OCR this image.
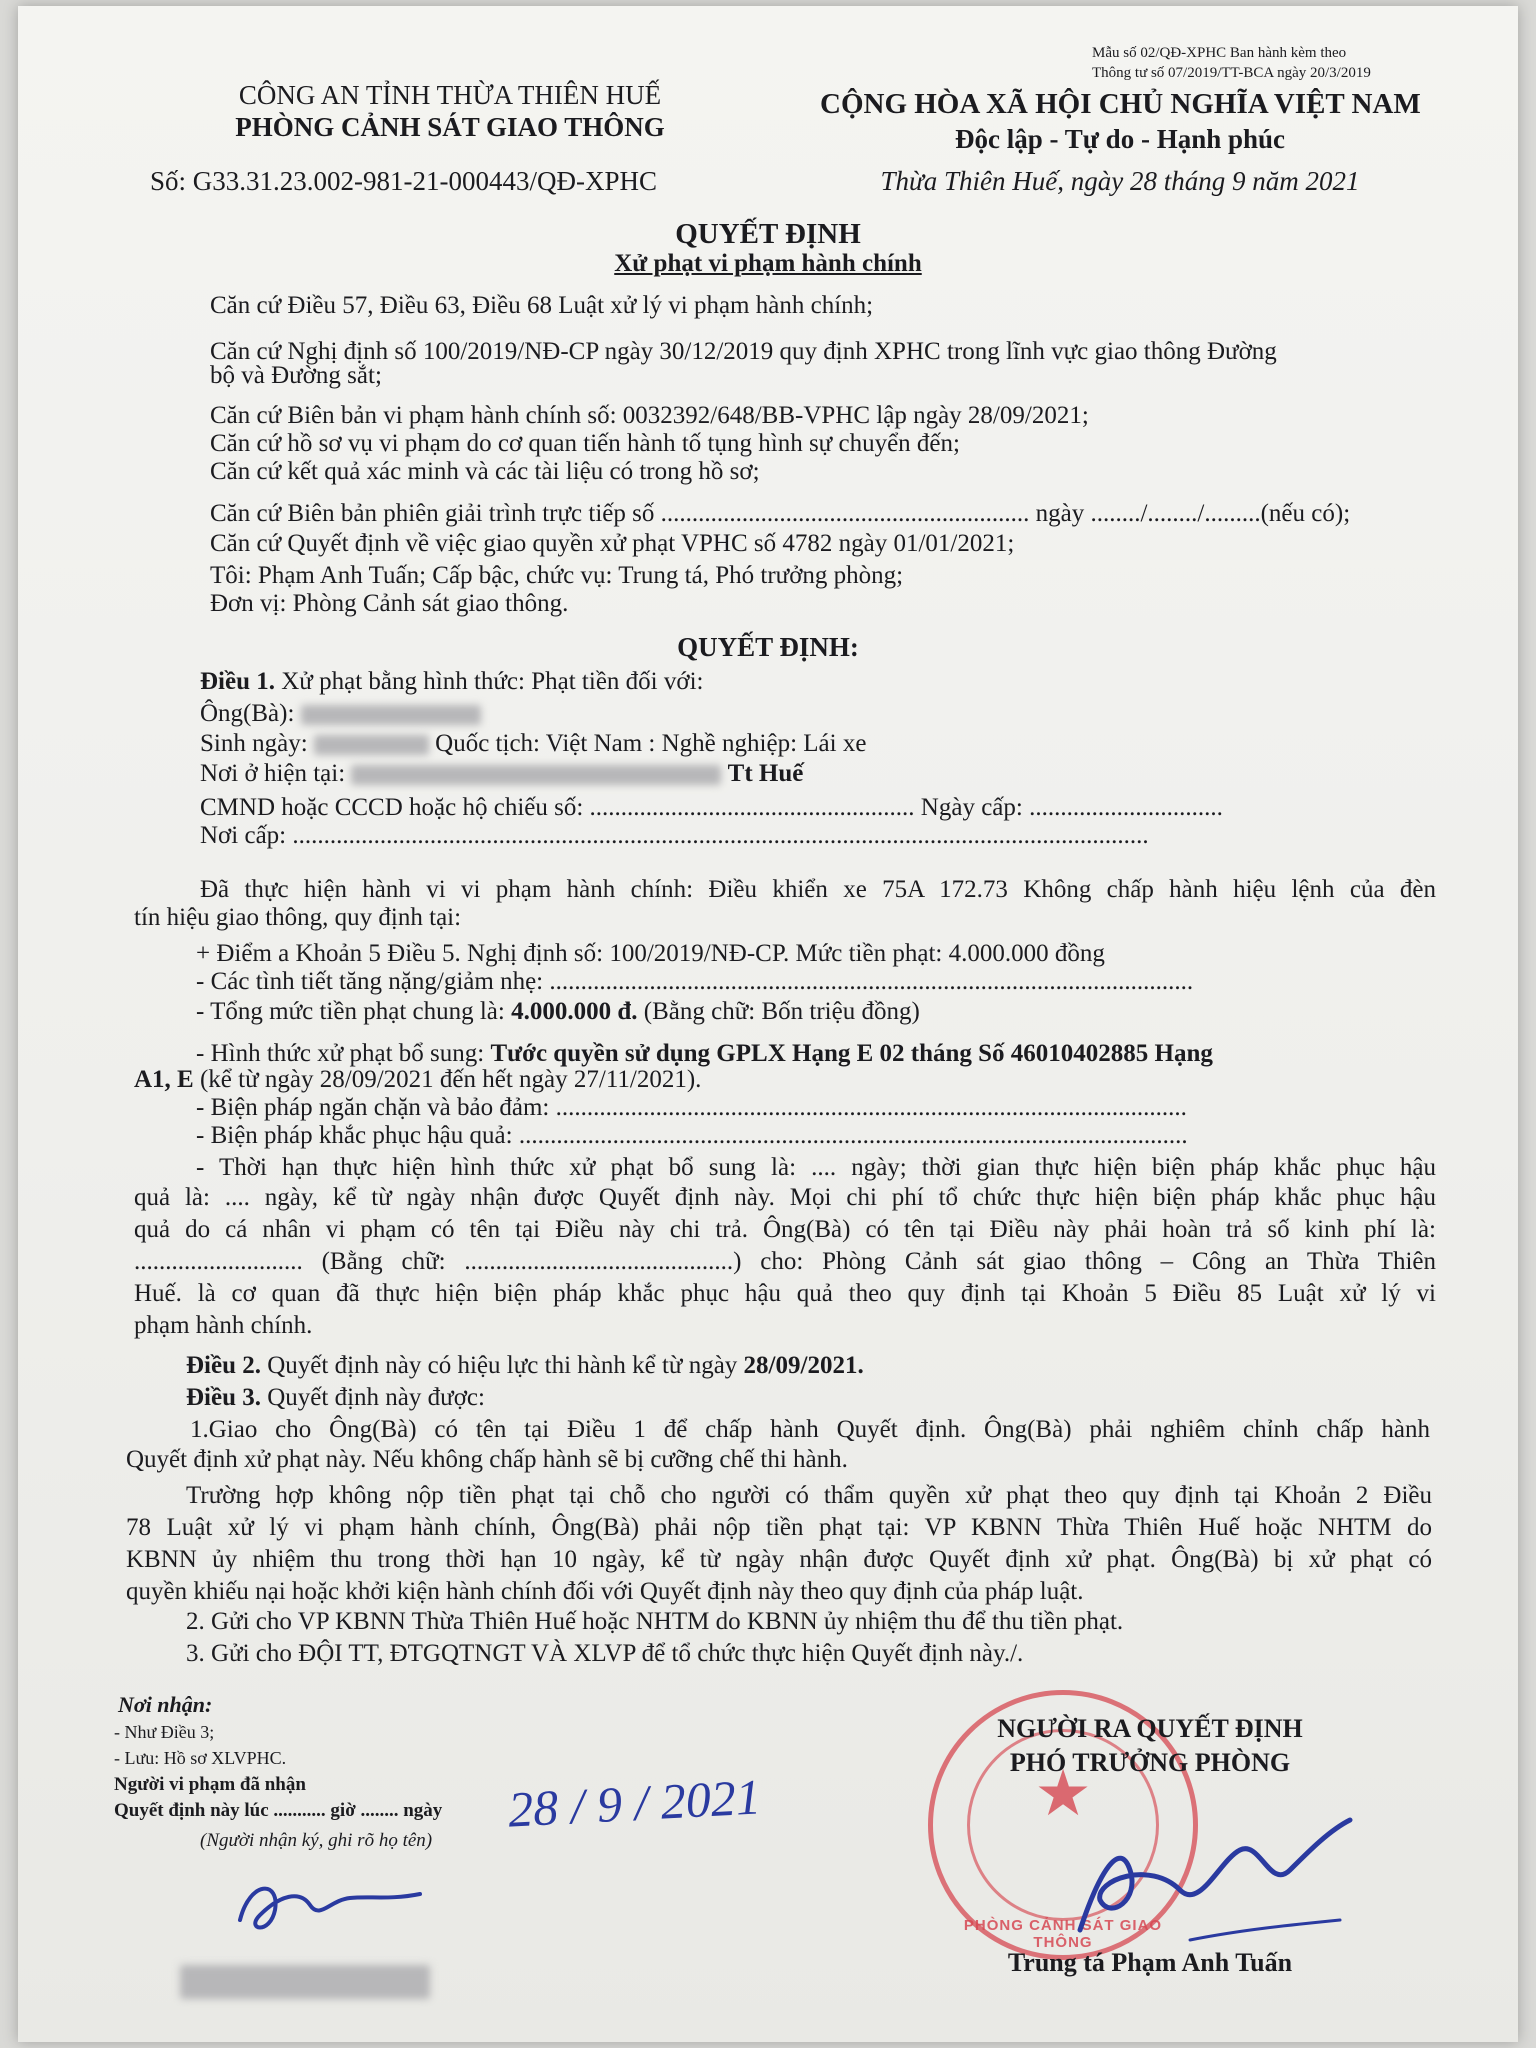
Mẫu số 02/QĐ-XPHC Ban hành kèm theo
Thông tư số 07/2019/TT-BCA ngày 20/3/2019
CÔNG AN TỈNH THỪA THIÊN HUẾ
PHÒNG CẢNH SÁT GIAO THÔNG
Số: G33.31.23.002-981-21-000443/QĐ-XPHC
CỘNG HÒA XÃ HỘI CHỦ NGHĨA VIỆT NAM
Độc lập - Tự do - Hạnh phúc
Thừa Thiên Huế, ngày 28 tháng 9 năm 2021
QUYẾT ĐỊNH
Xử phạt vi phạm hành chính
Căn cứ Điều 57, Điều 63, Điều 68 Luật xử lý vi phạm hành chính;
Căn cứ Nghị định số 100/2019/NĐ-CP ngày 30/12/2019 quy định XPHC trong lĩnh vực giao thông Đường
bộ và Đường sắt;
Căn cứ Biên bản vi phạm hành chính số: 0032392/648/BB-VPHC lập ngày 28/09/2021;
Căn cứ hồ sơ vụ vi phạm do cơ quan tiến hành tố tụng hình sự chuyển đến;
Căn cứ kết quả xác minh và các tài liệu có trong hồ sơ;
Căn cứ Biên bản phiên giải trình trực tiếp số ........................................................... ngày ......../......../.........(nếu có);
Căn cứ Quyết định về việc giao quyền xử phạt VPHC số 4782 ngày 01/01/2021;
Tôi: Phạm Anh Tuấn; Cấp bậc, chức vụ: Trung tá, Phó trưởng phòng;
Đơn vị: Phòng Cảnh sát giao thông.
QUYẾT ĐỊNH:
Điều 1. Xử phạt bằng hình thức: Phạt tiền đối với:
Ông(Bà):
Sinh ngày:	Quốc tịch: Việt Nam : Nghề nghiệp: Lái xe
Nơi ở hiện tại:	Tt Huế
CMND hoặc CCCD hoặc hộ chiếu số: .................................................... Ngày cấp: ...............................
Nơi cấp: .........................................................................................................................................
Đã thực hiện hành vi vi phạm hành chính: Điều khiển xe 75A 172.73 Không chấp hành hiệu lệnh của đèn
tín hiệu giao thông, quy định tại:
+ Điểm a Khoản 5 Điều 5. Nghị định số: 100/2019/NĐ-CP. Mức tiền phạt: 4.000.000 đồng
- Các tình tiết tăng nặng/giảm nhẹ: .......................................................................................................
- Tổng mức tiền phạt chung là: 4.000.000 đ. (Bằng chữ: Bốn triệu đồng)
- Hình thức xử phạt bổ sung: Tước quyền sử dụng GPLX Hạng E 02 tháng Số 46010402885 Hạng
A1, E (kể từ ngày 28/09/2021 đến hết ngày 27/11/2021).
- Biện pháp ngăn chặn và bảo đảm: .....................................................................................................
- Biện pháp khắc phục hậu quả: ...........................................................................................................
- Thời hạn thực hiện hình thức xử phạt bổ sung là: .... ngày; thời gian thực hiện biện pháp khắc phục hậu
quả là: .... ngày, kể từ ngày nhận được Quyết định này. Mọi chi phí tổ chức thực hiện biện pháp khắc phục hậu
quả do cá nhân vi phạm có tên tại Điều này chi trả. Ông(Bà) có tên tại Điều này phải hoàn trả số kinh phí là:
........................... (Bằng chữ: ...........................................) cho: Phòng Cảnh sát giao thông – Công an Thừa Thiên
Huế. là cơ quan đã thực hiện biện pháp khắc phục hậu quả theo quy định tại Khoản 5 Điều 85 Luật xử lý vi
phạm hành chính.
Điều 2. Quyết định này có hiệu lực thi hành kể từ ngày 28/09/2021.
Điều 3. Quyết định này được:
1.Giao cho Ông(Bà) có tên tại Điều 1 để chấp hành Quyết định. Ông(Bà) phải nghiêm chỉnh chấp hành
Quyết định xử phạt này. Nếu không chấp hành sẽ bị cưỡng chế thi hành.
Trường hợp không nộp tiền phạt tại chỗ cho người có thẩm quyền xử phạt theo quy định tại Khoản 2 Điều
78 Luật xử lý vi phạm hành chính, Ông(Bà) phải nộp tiền phạt tại: VP KBNN Thừa Thiên Huế hoặc NHTM do
KBNN ủy nhiệm thu trong thời hạn 10 ngày, kể từ ngày nhận được Quyết định xử phạt. Ông(Bà) bị xử phạt có
quyền khiếu nại hoặc khởi kiện hành chính đối với Quyết định này theo quy định của pháp luật.
2. Gửi cho VP KBNN Thừa Thiên Huế hoặc NHTM do KBNN ủy nhiệm thu để thu tiền phạt.
3. Gửi cho ĐỘI TT, ĐTGQTNGT VÀ XLVP để tổ chức thực hiện Quyết định này./.
Nơi nhận:
- Như Điều 3;
- Lưu: Hồ sơ XLVPHC.
Người vi phạm đã nhận
Quyết định này lúc ........... giờ ........ ngày
(Người nhận ký, ghi rõ họ tên)
28 / 9 / 2021	★
PHÒNG CẢNH SÁT GIAO THÔNG
NGƯỜI RA QUYẾT ĐỊNH
PHÓ TRƯỞNG PHÒNG
Trung tá Phạm Anh Tuấn
